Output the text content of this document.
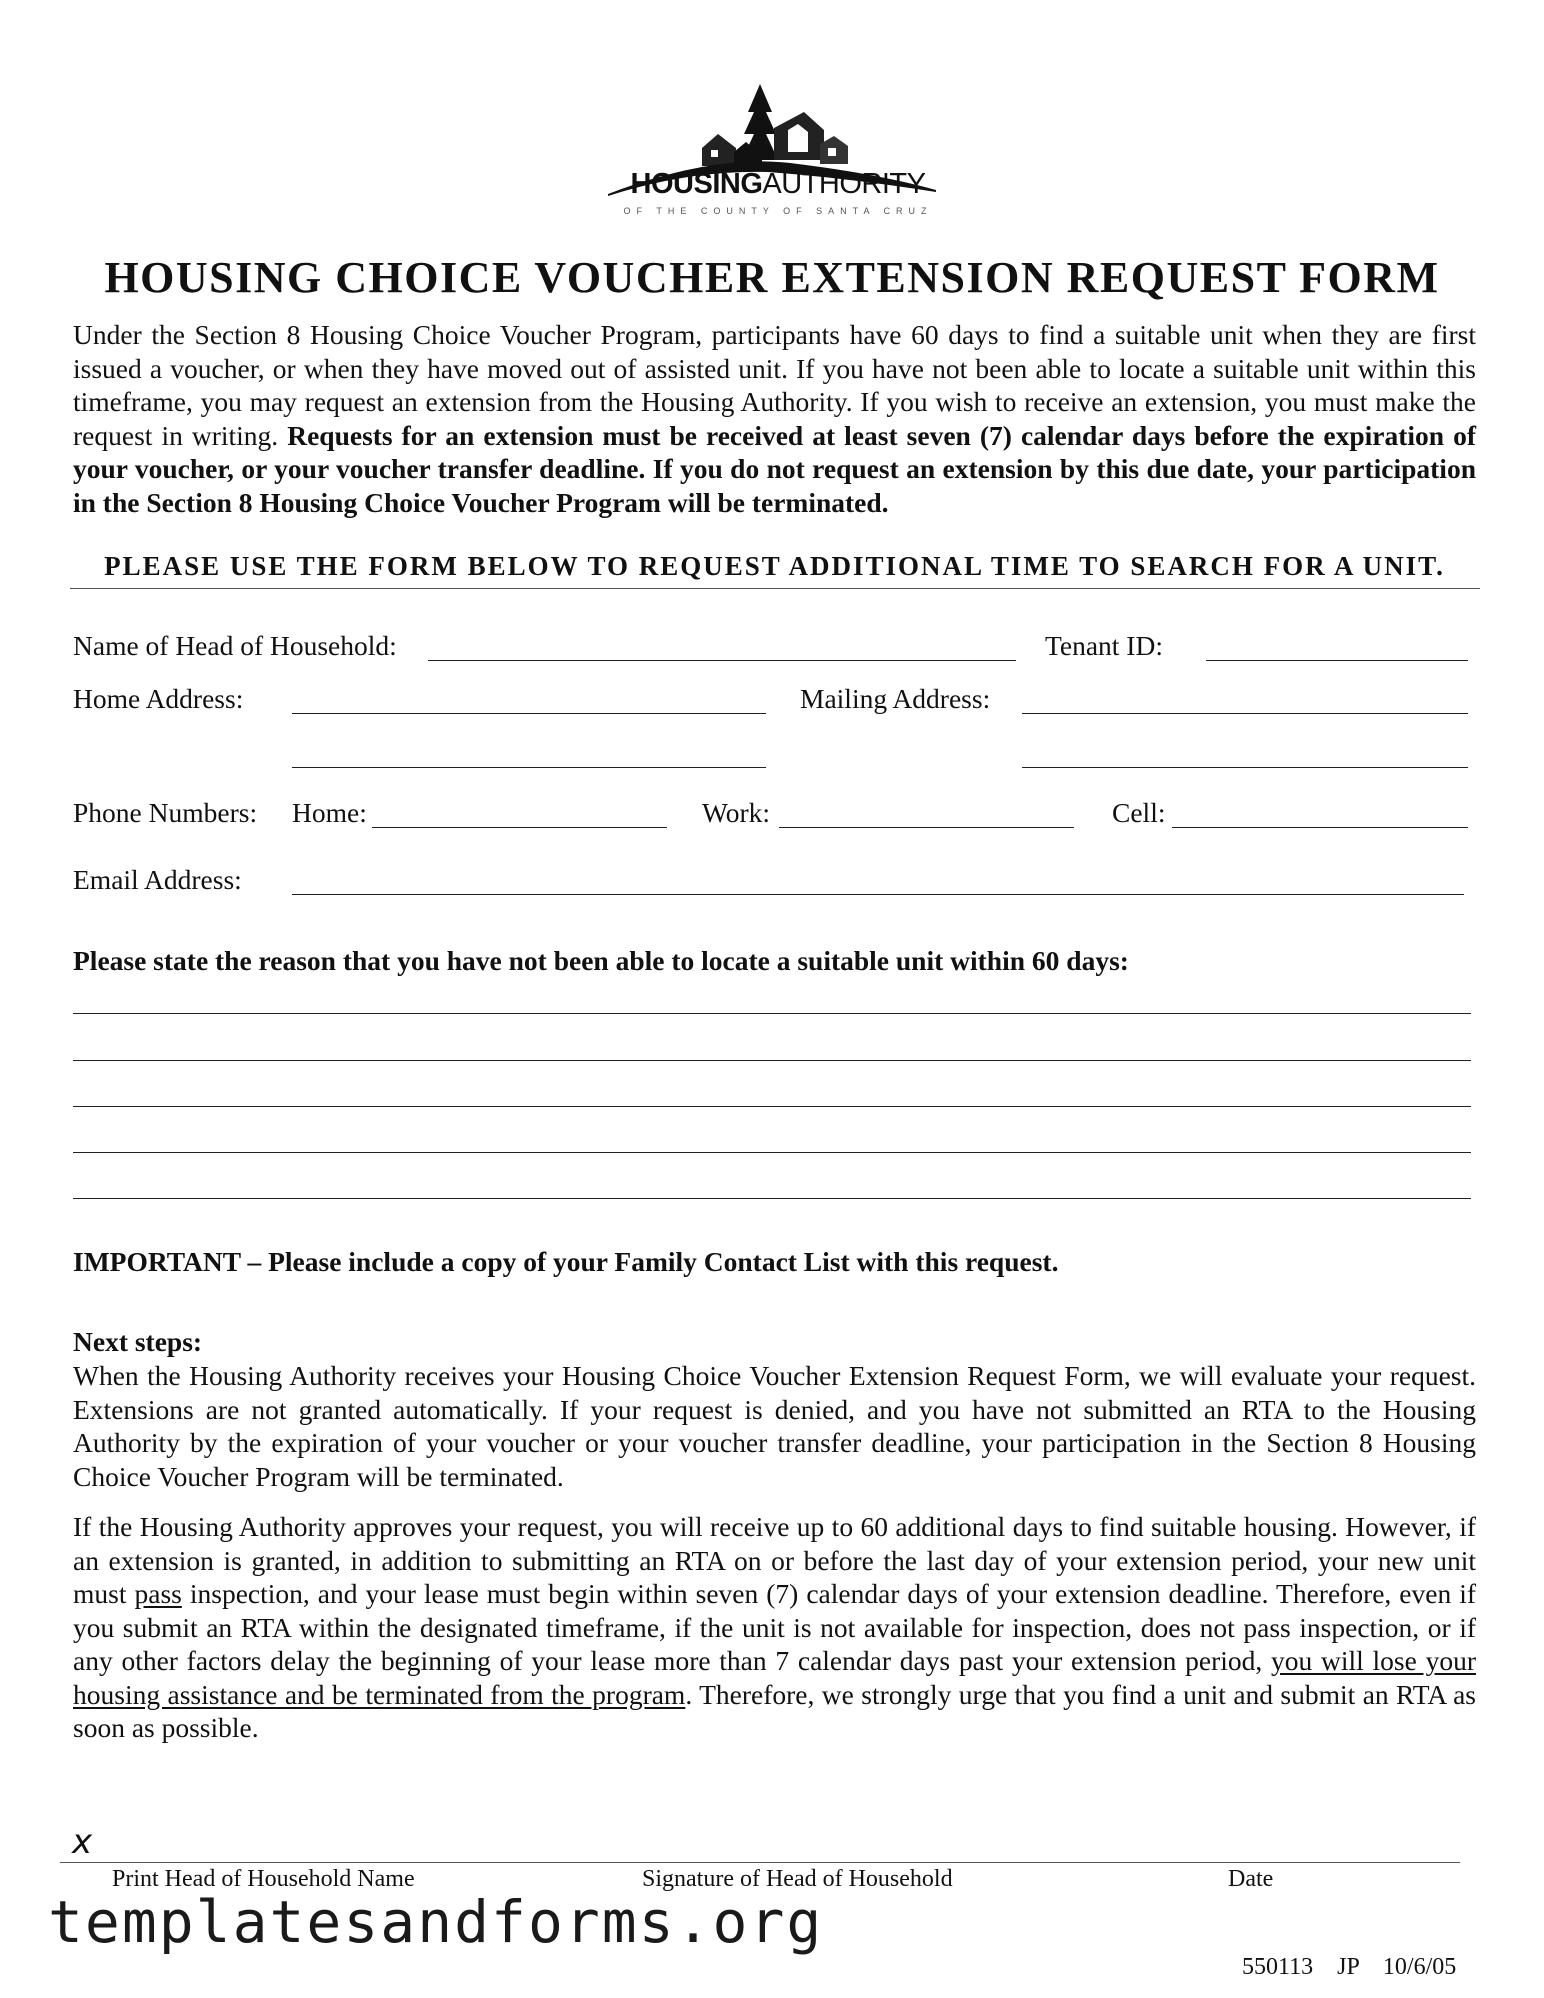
HOUSINGAUTHORITY
OF THE COUNTY OF SANTA CRUZ
HOUSING CHOICE VOUCHER EXTENSION REQUEST FORM
Under the Section 8 Housing Choice Voucher Program, participants have 60 days to find a suitable unit when they are first issued a voucher, or when they have moved out of assisted unit. If you have not been able to locate a suitable unit within this timeframe, you may request an extension from the Housing Authority. If you wish to receive an extension, you must make the request in writing. Requests for an extension must be received at least seven (7) calendar days before the expiration of your voucher, or your voucher transfer deadline. If you do not request an extension by this due date, your participation in the Section 8 Housing Choice Voucher Program will be terminated.
PLEASE USE THE FORM BELOW TO REQUEST ADDITIONAL TIME TO SEARCH FOR A UNIT.
Name of Head of Household:	Tenant ID:
Home Address:	Mailing Address:
Phone Numbers: Home:	Work:	Cell:
Email Address:
Please state the reason that you have not been able to locate a suitable unit within 60 days:
IMPORTANT – Please include a copy of your Family Contact List with this request.
Next steps:
When the Housing Authority receives your Housing Choice Voucher Extension Request Form, we will evaluate your request. Extensions are not granted automatically. If your request is denied, and you have not submitted an RTA to the Housing Authority by the expiration of your voucher or your voucher transfer deadline, your participation in the Section 8 Housing Choice Voucher Program will be terminated.
If the Housing Authority approves your request, you will receive up to 60 additional days to find suitable housing. However, if an extension is granted, in addition to submitting an RTA on or before the last day of your extension period, your new unit must pass inspection, and your lease must begin within seven (7) calendar days of your extension deadline. Therefore, even if you submit an RTA within the designated timeframe, if the unit is not available for inspection, does not pass inspection, or if any other factors delay the beginning of your lease more than 7 calendar days past your extension period, you will lose your housing assistance and be terminated from the program. Therefore, we strongly urge that you find a unit and submit an RTA as soon as possible.
x
Print Head of Household Name	Signature of Head of Household	Date
templatesandforms.org
550113    JP    10/6/05
